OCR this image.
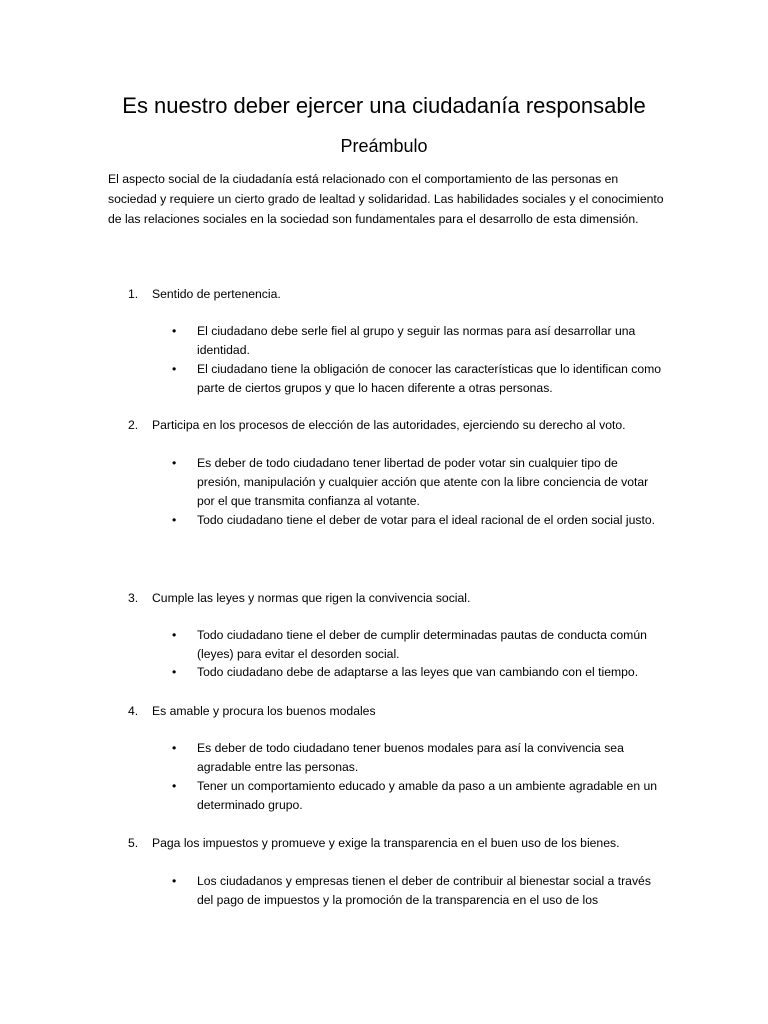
Es nuestro deber ejercer una ciudadanía responsable
Preámbulo

El aspecto social de la ciudadanía está relacionado con el comportamiento de las personas en sociedad y requiere un cierto grado de lealtad y solidaridad. Las habilidades sociales y el conocimiento de las relaciones sociales en la sociedad son fundamentales para el desarrollo de esta dimensión.

1.	Sentido de pertenencia.
• El ciudadano debe serle fiel al grupo y seguir las normas para así desarrollar una identidad.
• El ciudadano tiene la obligación de conocer las características que lo identifican como parte de ciertos grupos y que lo hacen diferente a otras personas.
2.	Participa en los procesos de elección de las autoridades, ejerciendo su derecho al voto.
• Es deber de todo ciudadano tener libertad de poder votar sin cualquier tipo de presión, manipulación y cualquier acción que atente con la libre conciencia de votar por el que transmita confianza al votante.
• Todo ciudadano tiene el deber de votar para el ideal racional de el orden social justo.
3.	Cumple las leyes y normas que rigen la convivencia social.
• Todo ciudadano tiene el deber de cumplir determinadas pautas de conducta común (leyes) para evitar el desorden social.
• Todo ciudadano debe de adaptarse a las leyes que van cambiando con el tiempo.
4.	Es amable y procura los buenos modales
• Es deber de todo ciudadano tener buenos modales para así la convivencia sea agradable entre las personas.
• Tener un comportamiento educado y amable da paso a un ambiente agradable en un determinado grupo.
5.	Paga los impuestos y promueve y exige la transparencia en el buen uso de los bienes.
• Los ciudadanos y empresas tienen el deber de contribuir al bienestar social a través del pago de impuestos y la promoción de la transparencia en el uso de los
